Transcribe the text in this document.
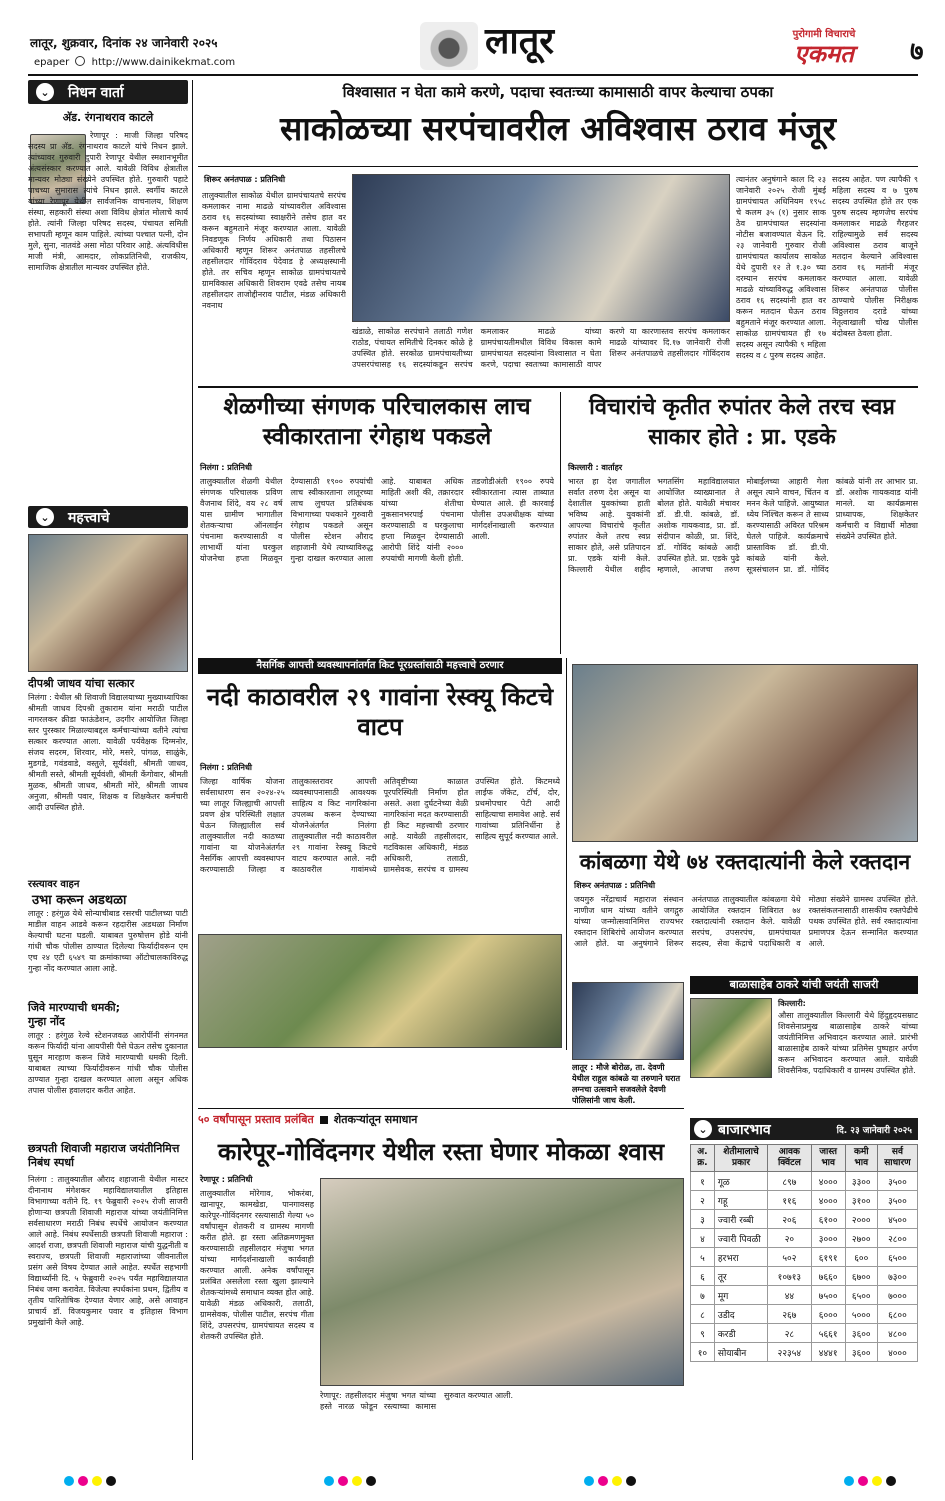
लातूर, शुक्रवार, दिनांक २४ जानेवारी २०२५
epaper http://www.dainikekmat.com
लातूर	पुरोगामी विचाराचे
एकमत	७
⌄	निधन वार्ता
अ‍ॅड. रंगनाथराव काटले
रेणापूर : माजी जिल्हा परिषद सदस्य प्रा अ‍ॅड. रंगनाथराव काटले यांचे निधन झाले. त्यांच्यावर गुरुवारी दुपारी रेणापूर येथील स्मशानभूमीत अंत्यसंस्कार करण्यात आले. यावेळी विविध क्षेत्रातील मान्यवर मोठ्या संख्येने उपस्थित होते. गुरुवारी पहाटे पाचच्या सुमारास त्यांचे निधन झाले. स्वर्गीय काटले यांच्या रेणापूर येथील सार्वजनिक वाचनालय, शिक्षण संस्था, सहकारी संस्था अशा विविध क्षेत्रांत मोलाचे कार्य होते. त्यांनी जिल्हा परिषद सदस्य, पंचायत समिती सभापती म्हणून काम पाहिले. त्यांच्या पश्चात पत्नी, दोन मुले, सुना, नातवंडे असा मोठा परिवार आहे. अंत्यविधीस माजी मंत्री, आमदार, लोकप्रतिनिधी, राजकीय, सामाजिक क्षेत्रातील मान्यवर उपस्थित होते.
⌄	महत्त्वाचे
दीपश्री जाधव यांचा सत्कार
निलंगा : येथील श्री शिवाजी विद्यालयाच्या मुख्याध्यापिका श्रीमती जाधव दिपश्री तुकाराम यांना मराठी पाटील नागरलकर क्रीडा फाऊंडेशन, उदगीर आयोजित जिल्हा स्तर पुरस्कार मिळाल्याबद्दल कर्मचाऱ्यांच्या वतीने त्यांचा सत्कार करण्यात आला. यावेळी पर्यवेक्षक दिग्मनोर, संजय सदरम, शिरवार, मोरे, मसरे, पांगळ, साळुंके, मुडगडे, गवंडवाडे, वस्तुले, सूर्यवंशी, श्रीमती जाधव, श्रीमती सस्ते, श्रीमती सूर्यवंशी, श्रीमती केंगोवार, श्रीमती मुळक, श्रीमती जाधव, श्रीमती मोरे, श्रीमती जाधव अनुजा, श्रीमती पवार, शिक्षक व शिक्षकेतर कर्मचारी आदी उपस्थित होते.
रस्त्यावर वाहन
उभा करून अडथळा
लातूर : हरंगुळ येथे सोन्याचीबाड रसरची पाटीलच्या पाटी माडील वाहन आडवे करून रहदारीस अडथळा निर्माण केल्याची घटना घडली. याबाबत पुरुषोत्तम होडे यांनी गांधी चौक पोलीस ठाण्यात दिलेल्या फिर्यादीवरून एम एच २४ एटी ६५४९ या क्रमांकाच्या ऑटोचालकाविरुद्ध गुन्हा नोंद करण्यात आला आहे.
जिवे मारण्याची धमकी;
गुन्हा नोंद
लातूर : हरंगुळ रेल्वे स्टेशनजवळ आरोपींनी संगनमत करून फिर्यादी यांना आयपीसी पैसे घेऊन तसेच दुकानात घुसून मारहाण करून जिवे मारण्याची धमकी दिली. याबाबत त्याच्या फिर्यादीवरून गांधी चौक पोलीस ठाण्यात गुन्हा दाखल करण्यात आला असून अधिक तपास पोलीस हवालदार करीत आहेत.
छत्रपती शिवाजी महाराज जयंतीनिमित्त निबंध स्पर्धा
निलंगा : तालुक्यातील औराद शहाजानी येथील मास्टर दीनानाथ मंगेशकर महाविद्यालयातील इतिहास विभागाच्या वतीने दि. १९ फेब्रुवारी २०२५ रोजी साजरी होणाऱ्या छत्रपती शिवाजी महाराज यांच्या जयंतीनिमित्त सर्वसाधारण मराठी निबंध स्पर्धेचे आयोजन करण्यात आले आहे. निबंध स्पर्धेसाठी छत्रपती शिवाजी महाराज : आदर्श राजा, छत्रपती शिवाजी महाराज यांची युद्धनीती व स्वराज्य, छत्रपती शिवाजी महाराजांच्या जीवनातील प्रसंग असे विषय देण्यात आले आहेत. स्पर्धेत सहभागी विद्यार्थ्यांनी दि. ५ फेब्रुवारी २०२५ पर्यंत महाविद्यालयात निबंध जमा करावेत. विजेत्या स्पर्धकांना प्रथम, द्वितीय व तृतीय पारितोषिक देण्यात येणार आहे, असे आवाहन प्राचार्य डॉ. विजयकुमार पवार व इतिहास विभाग प्रमुखांनी केले आहे.
विश्वासात न घेता कामे करणे, पदाचा स्वतःच्या कामासाठी वापर केल्याचा ठपका
साकोळच्या सरपंचावरील अविश्वास ठराव मंजूर
शिरूर अनंतपाळ : प्रतिनिधी
तालुक्यातील साकोळ येथील ग्रामपंचायतचे सरपंच कमलाकर नामा माढळे यांच्यावरील अविश्वास ठराव १६ सदस्यांच्या स्वाक्षरीने तसेच हात वर करून बहुमताने मंजूर करण्यात आला. यावेळी निवडणूक निर्णय अधिकारी तथा पिठासन अधिकारी म्हणून शिरूर अनंतपाळ तहसीलचे तहसीलदार गोविंदराव पेदेवाड हे अध्यक्षस्थानी होते. तर सचिव म्हणून साकोळ ग्रामपंचायतचे ग्रामविकास अधिकारी शिवराम एवढे तसेच नायब तहसीलदार ताजोद्दीनराव पाटील, मंडळ अधिकारी नवनाथ
खंडाळे, साकोळ सरपंचाने तलाठी गणेश राठोड, पंचायत समितीचे दिनकर कोळे हे उपस्थित होते. सरकोळ ग्रामपंचायतीच्या उपसरपंचासह १६ सदस्यांकडून सरपंच कमलाकर माढळे यांच्या ग्रामपंचायतीमधील विविध विकास कामे ग्रामपंचायत सदस्यांना विश्वासात न घेता करणे, पदाचा स्वतःच्या कामासाठी वापर करणे या कारणास्तव सरपंच कमलाकर माढळे यांच्यावर दि.१७ जानेवारी रोजी शिरूर अनंतपाळचे तहसीलदार गोविंदराव
त्यानंतर अनुषंगाने काल दि २३ जानेवारी २०२५ रोजी मुंबई ग्रामपंचायत अधिनियम १९५८ चे कलम ३५ (१) नुसार साक ठेव ग्रामपंचायत सदस्यांना नोटीस बजावण्यात येऊन दि. २३ जानेवारी गुरुवार रोजी ग्रामपंचायत कार्यालय साकोळ येथे दुपारी १२ ते १.३० च्या दरम्यान सरपंच कमलाकर माढळे यांच्याविरुद्ध अविश्वास ठराव १६ सदस्यांनी हात वर करून मतदान घेऊन ठराव बहुमताने मंजूर करण्यात आला. साकोळ ग्रामपंचायत ही १७ सदस्य असून त्यापैकी ९ महिला सदस्य व ८ पुरुष सदस्य आहेत.
सदस्य आहेत. पण त्यापैकी ९ महिला सदस्य व ७ पुरुष सदस्य उपस्थित होते तर एक पुरुष सदस्य म्हणजेच सरपंच कमलाकर माढळे गैरहजर राहिल्यामुळे सर्व सदस्य अविश्वास ठराव बाजूने मतदान केल्याने अविश्वास ठराव १६ मतांनी मंजूर करण्यात आला. यावेळी शिरूर अनंतपाळ पोलीस ठाण्याचे पोलीस निरीक्षक विठ्ठलराव दराडे यांच्या नेतृत्वाखाली चोख पोलीस बंदोबस्त ठेवला होता.
शेळगीच्या संगणक परिचालकास लाच स्वीकारताना रंगेहाथ पकडले
निलंगा : प्रतिनिधी
तालुक्यातील शेळगी येथील संगणक परिचालक प्रविण वैजनाथ शिंदे, वय २८ वर्ष यास ग्रामीण भागातील शेतकऱ्याचा ऑनलाईन पंचनामा करण्यासाठी व लाभार्थी यांना घरकुल योजनेचा हप्ता मिळवून देण्यासाठी १९०० रुपयांची लाच स्वीकारताना लातूरच्या लाच लुचपत प्रतिबंधक विभागाच्या पथकाने गुरुवारी रंगेहाथ पकडले असून पोलीस स्टेशन औराद शहाजानी येथे त्याच्याविरुद्ध गुन्हा दाखल करण्यात आला आहे. याबाबत अधिक माहिती अशी की, तक्रारदार यांच्या शेतीचा नुकसानभरपाई पंचनामा करण्यासाठी व घरकुलाचा हप्ता मिळवून देण्यासाठी आरोपी शिंदे यांनी २००० रुपयांची मागणी केली होती. तडजोडीअंती १९०० रुपये स्वीकारताना त्यास ताब्यात घेण्यात आले. ही कारवाई पोलीस उपअधीक्षक यांच्या मार्गदर्शनाखाली करण्यात आली.
विचारांचे कृतीत रुपांतर केले तरच स्वप्न साकार होते : प्रा. एडके
किल्लारी : वार्ताहर
भारत हा देश जगातील सर्वात तरुण देश असून या देशातील युवकांच्या हाती भविष्य आहे. युवकांनी आपल्या विचारांचे कृतीत रुपांतर केले तरच स्वप्न साकार होते, असे प्रतिपादन प्रा. एडके यांनी केले. किल्लारी येथील शहीद भगतसिंग महाविद्यालयात आयोजित व्याख्यानात ते बोलत होते. यावेळी मंचावर डॉ. डी.पी. कांबळे, डॉ. अशोक गायकवाड, प्रा. डॉ. संदीपान कोळी, प्रा. शिंदे, डॉ. गोविंद कांबळे आदी उपस्थित होते. प्रा. एडके पुढे म्हणाले, आजचा तरुण मोबाईलच्या आहारी गेला असून त्याने वाचन, चिंतन व मनन केले पाहिजे. आयुष्यात ध्येय निश्चित करून ते साध्य करण्यासाठी अविरत परिश्रम घेतले पाहिजे. कार्यक्रमाचे प्रास्ताविक डॉ. डी.पी. कांबळे यांनी केले. सूत्रसंचालन प्रा. डॉ. गोविंद कांबळे यांनी तर आभार प्रा. डॉ. अशोक गायकवाड यांनी मानले. या कार्यक्रमास प्राध्यापक, शिक्षकेतर कर्मचारी व विद्यार्थी मोठ्या संख्येने उपस्थित होते.
नैसर्गिक आपत्ती व्यवस्थापनांतर्गत किट पूरग्रस्तांसाठी महत्त्वाचे ठरणार
नदी काठावरील २९ गावांना रेस्क्यू किटचे वाटप
निलंगा : प्रतिनिधी
जिल्हा वार्षिक योजना सर्वसाधारण सन २०२४-२५ च्या लातूर जिल्ह्याची आपत्ती प्रवण क्षेत्र परिस्थिती लक्षात घेऊन जिल्ह्यातील सर्व तालुक्यातील नदी काठच्या गावांना या योजनेअंतर्गत नैसर्गिक आपत्ती व्यवस्थापन करण्यासाठी जिल्हा व तालुकास्तरावर आपत्ती व्यवस्थापनासाठी आवश्यक साहित्य व किट नागरिकांना उपलब्ध करून देण्याच्या योजनेअंतर्गत निलंगा तालुक्यातील नदी काठावरील २९ गावांना रेस्क्यू किटचे वाटप करण्यात आले. नदी काठावरील गावांमध्ये अतिवृष्टीच्या काळात पूरपरिस्थिती निर्माण होत असते. अशा दुर्घटनेच्या वेळी नागरिकांना मदत करण्यासाठी ही किट महत्त्वाची ठरणार आहे. यावेळी तहसीलदार, गटविकास अधिकारी, मंडळ अधिकारी, तलाठी, ग्रामसेवक, सरपंच व ग्रामस्थ उपस्थित होते. किटमध्ये लाईफ जॅकेट, टॉर्च, दोर, प्रथमोपचार पेटी आदी साहित्याचा समावेश आहे. सर्व गावांच्या प्रतिनिधींना हे साहित्य सुपूर्द करण्यात आले.
कांबळगा येथे ७४ रक्तदात्यांनी केले रक्तदान
शिरूर अनंतपाळ : प्रतिनिधी
जयगुरु नरेंद्राचार्य महाराज संस्थान नाणीज धाम यांच्या वतीने जगद्गुरु यांच्या जन्मोत्सवानिमित्त राज्यभर रक्तदान शिबिरांचे आयोजन करण्यात आले होते. या अनुषंगाने शिरूर अनंतपाळ तालुक्यातील कांबळगा येथे आयोजित रक्तदान शिबिरात ७४ रक्तदात्यांनी रक्तदान केले. यावेळी सरपंच, उपसरपंच, ग्रामपंचायत सदस्य, सेवा केंद्राचे पदाधिकारी व मोठ्या संख्येने ग्रामस्थ उपस्थित होते. रक्तसंकलनासाठी शासकीय रक्तपेढीचे पथक उपस्थित होते. सर्व रक्तदात्यांना प्रमाणपत्र देऊन सन्मानित करण्यात आले.
लातूर : मौजे बोरोळ, ता. देवणी येथील राहुल कांबळे या तरुणाने घरात लग्नचा उत्सवाने सजवलेले देवणी पोलिसांनी जाच केली.
बाळासाहेब ठाकरे यांची जयंती साजरी
किल्लारी:
औसा तालुक्यातील किल्लारी येथे हिंदुहृदयसम्राट शिवसेनाप्रमुख बाळासाहेब ठाकरे यांच्या जयंतीनिमित्त अभिवादन करण्यात आले. प्रारंभी बाळासाहेब ठाकरे यांच्या प्रतिमेस पुष्पहार अर्पण करून अभिवादन करण्यात आले. यावेळी शिवसैनिक, पदाधिकारी व ग्रामस्थ उपस्थित होते.
५० वर्षांपासून प्रस्ताव प्रलंबित शेतकऱ्यांतून समाधान
कारेपूर-गोविंदनगर येथील रस्ता घेणार मोकळा श्वास
रेणापूर : प्रतिनिधी
तालुक्यातील मोरेगाव, भोकरंबा, खानापूर, कामखेडा, पानगावसह कारेपूर-गोविंदनगर रस्त्यासाठी गेल्या ५० वर्षांपासून शेतकरी व ग्रामस्थ मागणी करीत होते. हा रस्ता अतिक्रमणमुक्त करण्यासाठी तहसीलदार मंजुषा भगत यांच्या मार्गदर्शनाखाली कार्यवाही करण्यात आली. अनेक वर्षांपासून प्रलंबित असलेला रस्ता खुला झाल्याने शेतकऱ्यांमध्ये समाधान व्यक्त होत आहे. यावेळी मंडळ अधिकारी, तलाठी, ग्रामसेवक, पोलीस पाटील, सरपंच गीता शिंदे, उपसरपंच, ग्रामपंचायत सदस्य व शेतकरी उपस्थित होते.
रेणापूर: तहसीलदार मंजुषा भगत यांच्या हस्ते नारळ फोडून रस्त्याच्या कामास सुरुवात करण्यात आली.
⌄ बाजारभाव	दि. २३ जानेवारी २०२५
अ. क्र.	शेतीमालाचे प्रकार	आवक क्विंटल	जास्त भाव	कमी भाव	सर्व साधारण
१	गूळ	८९७	४०००	३३००	३५००
२	गहू	११६	४०००	३१००	३५००
३	ज्वारी रब्बी	२०६	६१००	२०००	४५००
४	ज्वारी पिवळी	२०	३०००	२७००	२८००
५	हरभरा	५०२	६१९१	६००	६५००
६	तूर	१०७१३	७६६०	६७००	७३००
७	मूग	४४	७५००	६५००	७०००
८	उडीद	२६७	६०००	५०००	६८००
९	करडी	२८	५६६१	३६००	४८००
१०	सोयाबीन	२२३५४	४४४१	३६००	४०००
